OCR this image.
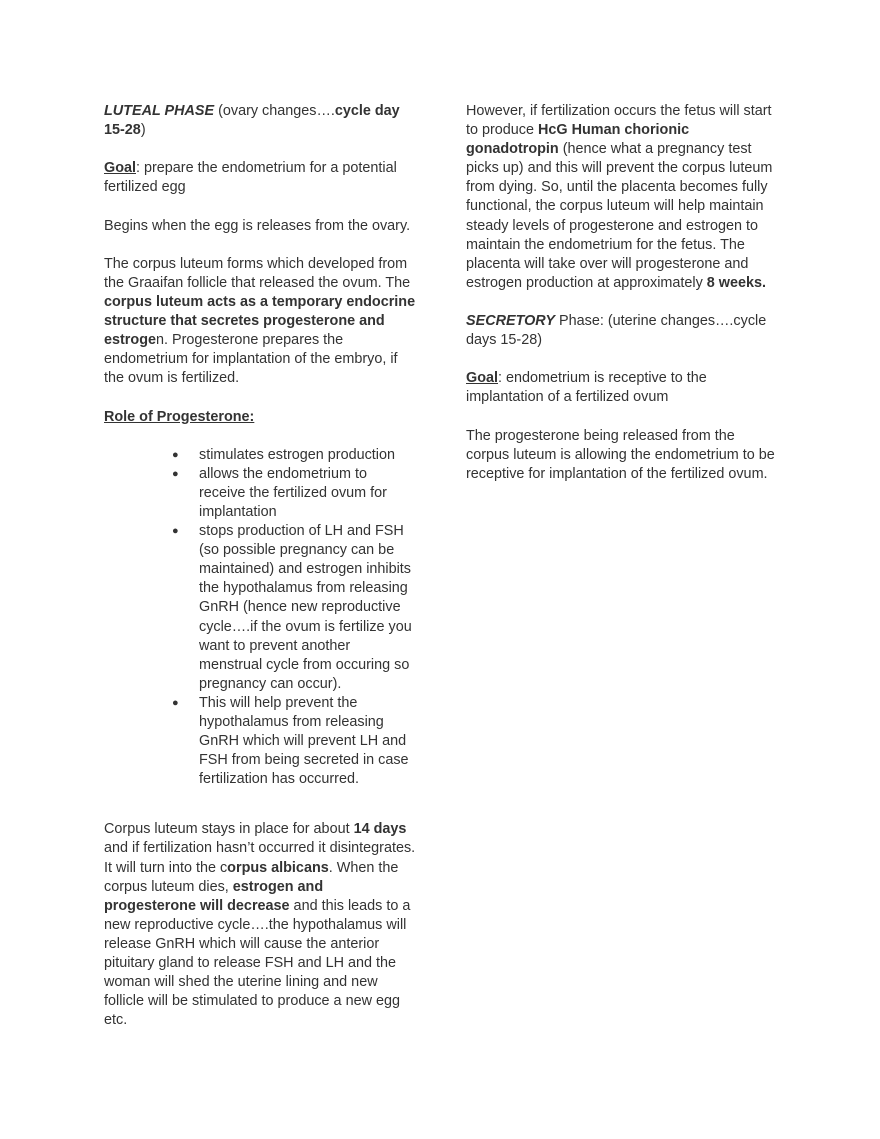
LUTEAL PHASE (ovary changes….cycle day 15-28)

Goal: prepare the endometrium for a potential fertilized egg

Begins when the egg is releases from the ovary.

The corpus luteum forms which developed from the Graaifan follicle that released the ovum. The corpus luteum acts as a temporary endocrine structure that secretes progesterone and estrogen. Progesterone prepares the endometrium for implantation of the embryo, if the ovum is fertilized.

Role of Progesterone:

● stimulates estrogen production
● allows the endometrium to receive the fertilized ovum for implantation
● stops production of LH and FSH (so possible pregnancy can be maintained) and estrogen inhibits the hypothalamus from releasing GnRH (hence new reproductive cycle….if the ovum is fertilize you want to prevent another menstrual cycle from occuring so pregnancy can occur).
● This will help prevent the hypothalamus from releasing GnRH which will prevent LH and FSH from being secreted in case fertilization has occurred.

Corpus luteum stays in place for about 14 days and if fertilization hasn’t occurred it disintegrates. It will turn into the corpus albicans. When the corpus luteum dies, estrogen and progesterone will decrease and this leads to a new reproductive cycle….the hypothalamus will release GnRH which will cause the anterior pituitary gland to release FSH and LH and the woman will shed the uterine lining and new follicle will be stimulated to produce a new egg etc.

However, if fertilization occurs the fetus will start to produce HcG Human chorionic gonadotropin (hence what a pregnancy test picks up) and this will prevent the corpus luteum from dying. So, until the placenta becomes fully functional, the corpus luteum will help maintain steady levels of progesterone and estrogen to maintain the endometrium for the fetus. The placenta will take over will progesterone and estrogen production at approximately 8 weeks.

SECRETORY Phase: (uterine changes….cycle days 15-28)

Goal: endometrium is receptive to the implantation of a fertilized ovum

The progesterone being released from the corpus luteum is allowing the endometrium to be receptive for implantation of the fertilized ovum.
